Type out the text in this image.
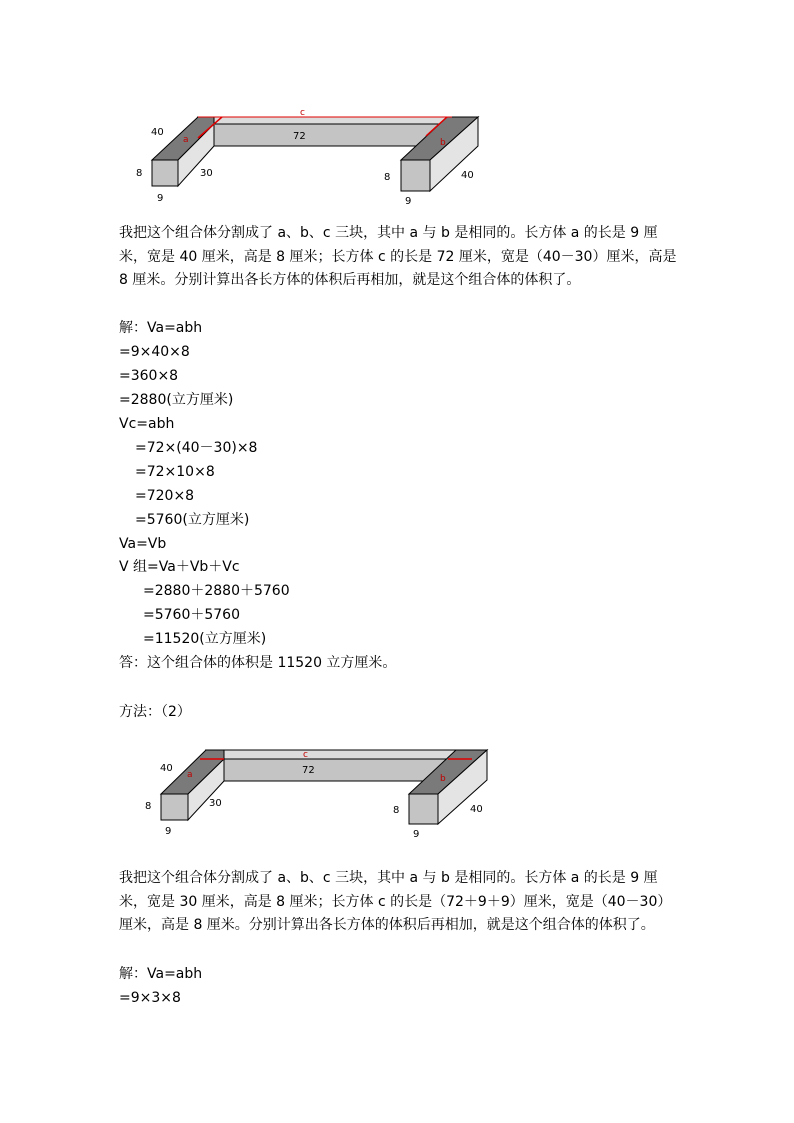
c
a	b
72
40
8
9
30	8
9
40

我把这个组合体分割成了 a、b、c 三块，其中 a 与 b 是相同的。长方体 a 的长是 9 厘米，宽是 40 厘米，高是 8 厘米；长方体 c 的长是 72 厘米，宽是（40－30）厘米，高是 8 厘米。分别计算出各长方体的体积后再相加，就是这个组合体的体积了。

解：Va=abh
=9×40×8
=360×8
=2880(立方厘米)
Vc=abh
=72×(40－30)×8
=72×10×8
=720×8
=5760(立方厘米)
Va=Vb
V 组=Va＋Vb＋Vc
=2880＋2880＋5760
=5760＋5760
=11520(立方厘米)
答：这个组合体的体积是 11520 立方厘米。
方法：（2）
c
a	b
72
40
8
9
30
8
9
40

我把这个组合体分割成了 a、b、c 三块，其中 a 与 b 是相同的。长方体 a 的长是 9 厘米，宽是 30 厘米，高是 8 厘米；长方体 c 的长是（72＋9＋9）厘米，宽是（40－30）厘米，高是 8 厘米。分别计算出各长方体的体积后再相加，就是这个组合体的体积了。

解：Va=abh
=9×3×8
